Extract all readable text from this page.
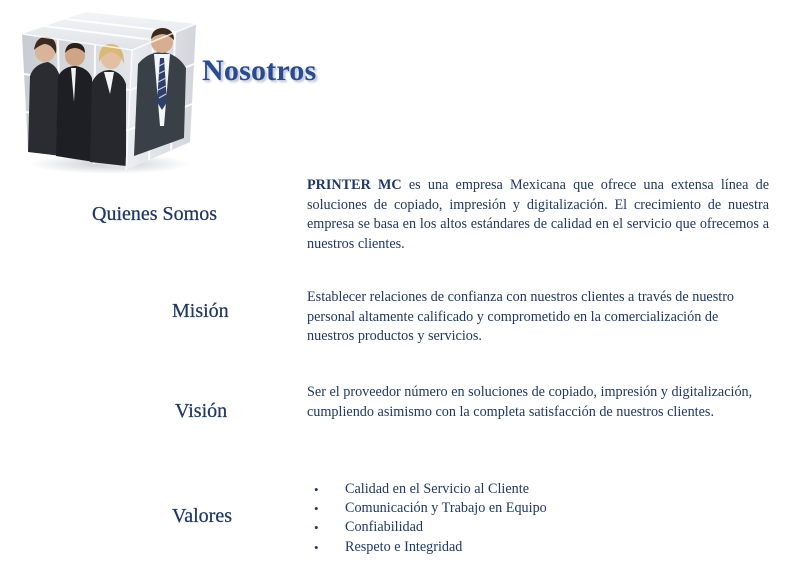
Nosotros
Quienes Somos

PRINTER MC es una empresa Mexicana que ofrece una extensa línea de soluciones de copiado, impresión y digitalización. El crecimiento de nuestra empresa se basa en los altos estándares de calidad en el servicio que ofrecemos a nuestros clientes.

Misión

Establecer relaciones de confianza con nuestros clientes a través de nuestro personal altamente calificado y comprometido en la comercialización de nuestros productos y servicios.

Visión

Ser el proveedor número en soluciones de copiado, impresión y digitalización, cumpliendo asimismo con la completa satisfacción de nuestros clientes.

Valores
• Calidad en el Servicio al Cliente
• Comunicación y Trabajo en Equipo
• Confiabilidad
• Respeto e Integridad
